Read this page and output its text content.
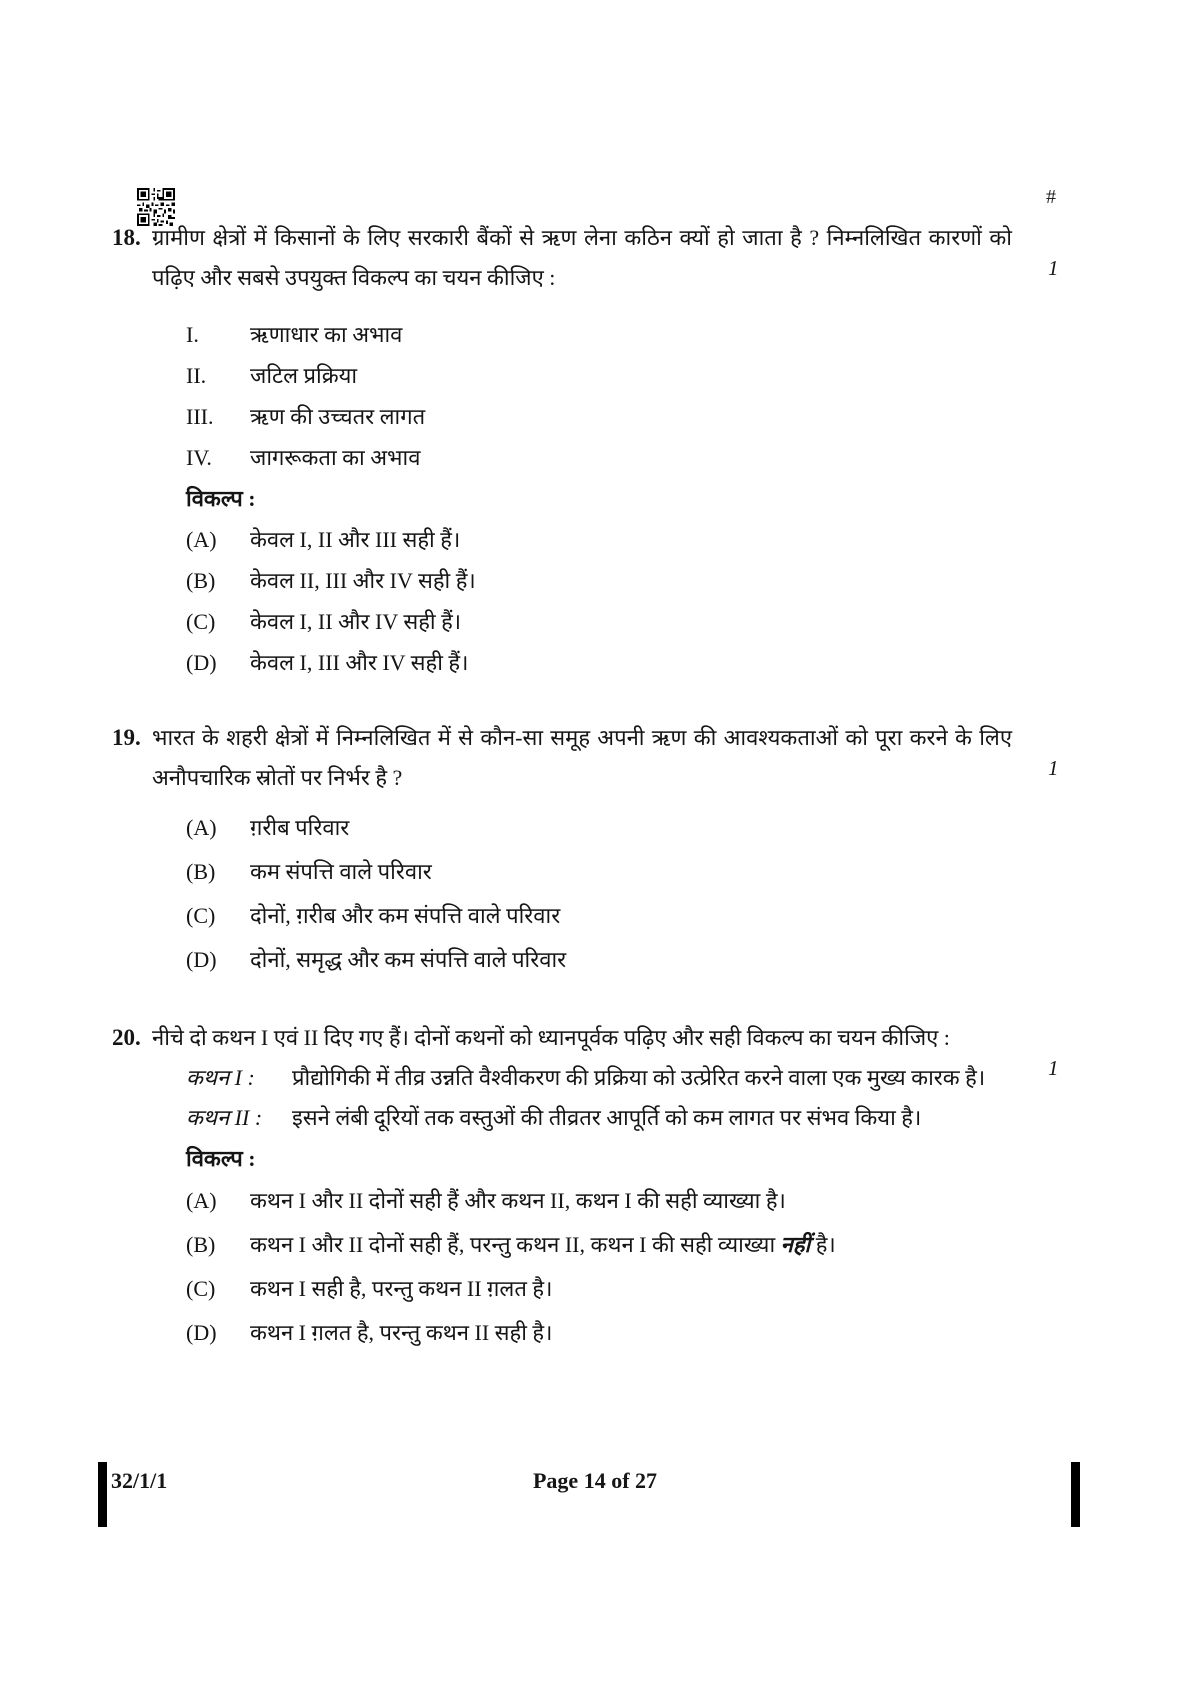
#
18.
1

ग्रामीण क्षेत्रों में किसानों के लिए सरकारी बैंकों से ऋण लेना कठिन क्यों हो जाता है ? निम्नलिखित कारणों को पढ़िए और सबसे उपयुक्त विकल्प का चयन कीजिए :

I. ऋणाधार का अभाव
II. जटिल प्रक्रिया
III. ऋण की उच्चतर लागत
IV. जागरूकता का अभाव

विकल्प :

(A) केवल I, II और III सही हैं।
(B) केवल II, III और IV सही हैं।
(C) केवल I, II और IV सही हैं।
(D) केवल I, III और IV सही हैं।
19.
1

भारत के शहरी क्षेत्रों में निम्नलिखित में से कौन-सा समूह अपनी ऋण की आवश्यकताओं को पूरा करने के लिए अनौपचारिक स्रोतों पर निर्भर है ?

(A) ग़रीब परिवार
(B) कम संपत्ति वाले परिवार
(C) दोनों, ग़रीब और कम संपत्ति वाले परिवार
(D) दोनों, समृद्ध और कम संपत्ति वाले परिवार
20.
1

नीचे दो कथन I एवं II दिए गए हैं। दोनों कथनों को ध्यानपूर्वक पढ़िए और सही विकल्प का चयन कीजिए :

कथन I : प्रौद्योगिकी में तीव्र उन्नति वैश्वीकरण की प्रक्रिया को उत्प्रेरित करने वाला एक मुख्य कारक है।
कथन II : इसने लंबी दूरियों तक वस्तुओं की तीव्रतर आपूर्ति को कम लागत पर संभव किया है।

विकल्प :

(A) कथन I और II दोनों सही हैं और कथन II, कथन I की सही व्याख्या है।
(B) कथन I और II दोनों सही हैं, परन्तु कथन II, कथन I की सही व्याख्या नहीं है।
(C) कथन I सही है, परन्तु कथन II ग़लत है।
(D) कथन I ग़लत है, परन्तु कथन II सही है।
Page 14 of 27
32/1/1
